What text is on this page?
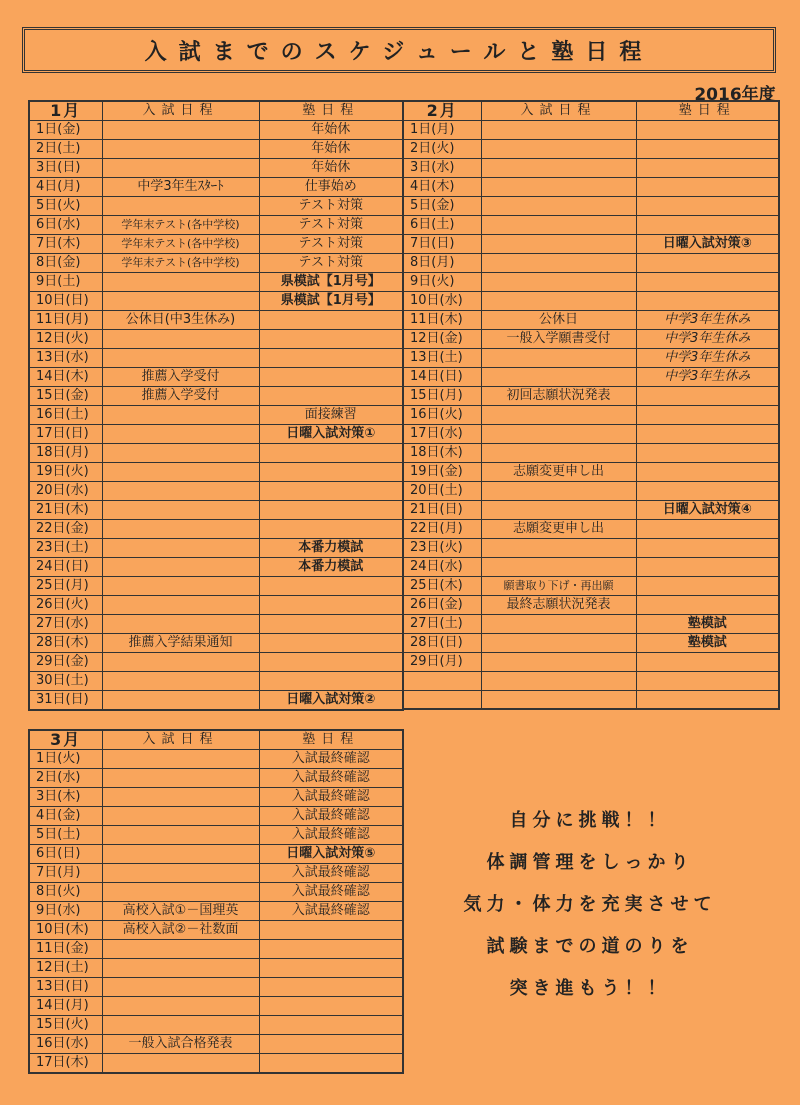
入試までのスケジュールと塾日程
2016年度
1月	入試日程	塾日程
1日(金)		年始休
2日(土)		年始休
3日(日)		年始休
4日(月)	中学3年生ｽﾀｰﾄ	仕事始め
5日(火)		テスト対策
6日(水)	学年末テスト(各中学校)	テスト対策
7日(木)	学年末テスト(各中学校)	テスト対策
8日(金)	学年末テスト(各中学校)	テスト対策
9日(土)		県模試【1月号】
10日(日)		県模試【1月号】
11日(月)	公休日(中3生休み)	
12日(火)		
13日(水)		
14日(木)	推薦入学受付	
15日(金)	推薦入学受付	
16日(土)		面接練習
17日(日)		日曜入試対策①
18日(月)		
19日(火)		
20日(水)		
21日(木)		
22日(金)		
23日(土)		本番力模試
24日(日)		本番力模試
25日(月)		
26日(火)		
27日(水)		
28日(木)	推薦入学結果通知	
29日(金)		
30日(土)		
31日(日)		日曜入試対策②
2月	入試日程	塾日程
1日(月)		
2日(火)		
3日(水)		
4日(木)		
5日(金)		
6日(土)		
7日(日)		日曜入試対策③
8日(月)		
9日(火)		
10日(水)		
11日(木)	公休日	中学3年生休み
12日(金)	一般入学願書受付	中学3年生休み
13日(土)		中学3年生休み
14日(日)		中学3年生休み
15日(月)	初回志願状況発表	
16日(火)		
17日(水)		
18日(木)		
19日(金)	志願変更申し出	
20日(土)		
21日(日)		日曜入試対策④
22日(月)	志願変更申し出	
23日(火)		
24日(水)		
25日(木)	願書取り下げ・再出願	
26日(金)	最終志願状況発表	
27日(土)		塾模試
28日(日)		塾模試
29日(月)		

3月	入試日程	塾日程
1日(火)		入試最終確認
2日(水)		入試最終確認
3日(木)		入試最終確認
4日(金)		入試最終確認
5日(土)		入試最終確認
6日(日)		日曜入試対策⑤
7日(月)		入試最終確認
8日(火)		入試最終確認
9日(水)	高校入試①－国理英	入試最終確認
10日(木)	高校入試②－社数面	
11日(金)		
12日(土)		
13日(日)		
14日(月)		
15日(火)		
16日(水)	一般入試合格発表	
17日(木)		
自分に挑戦！！
体調管理をしっかり
気力・体力を充実させて
試験までの道のりを
突き進もう！！
